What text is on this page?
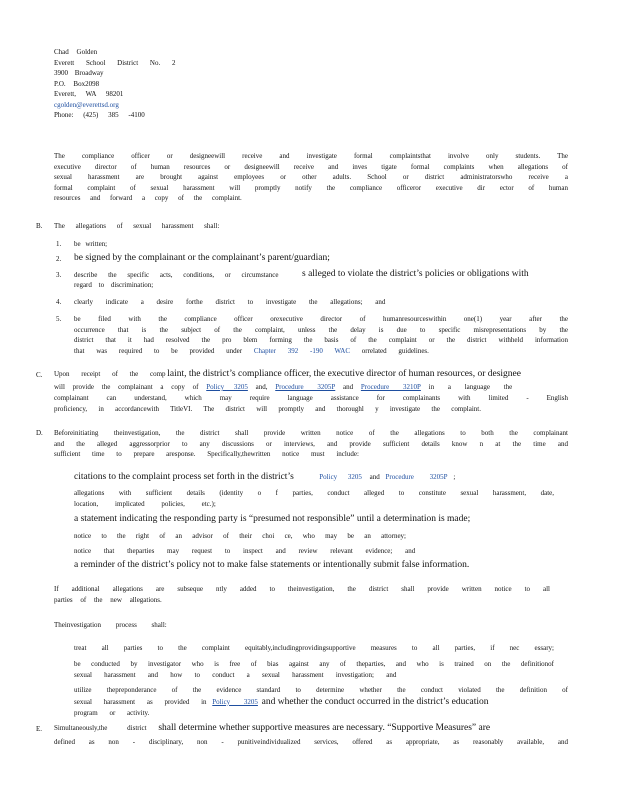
Chad Golden
Everett School District No. 2
3900 Broadway
P.O. Box2098
Everett, WA 98201
cgolden@everettsd.org
Phone: (425) 385 -4100
The compliance officer or designeewill receive and investigate formal complaintsthat involve only students. The
executive director of human resources or designeewill receive and inves tigate formal complaints when allegations of
sexual harassment are brought against employees or other adults. School or district administratorswho receive a
formal complaint of sexual harassment will promptly notify the compliance officeror executive dir ector of human
resources and forward a copy of the complaint.
B.	The allegations of sexual harassment shall:
1.	be written;
2.	be signed by the complainant or the complainant’s parent/guardian;
3.	describe the specific acts, conditions, or circumstance s alleged to violate the district’s policies or obligations with
regard to discrimination;
4.	clearly indicate a desire forthe district to investigate the allegations; and
5.	be filed with the compliance officer orexecutive director of humanresourceswithin one(1) year after the
occurrence that is the subject of the complaint, unless the delay is due to specific misrepresentations by the
district that it had resolved the pro blem forming the basis of the complaint or the district withheld information
that was required to be provided under Chapter 392 -190 WAC orrelated guidelines.
C.	Upon receipt of the comp laint, the district’s compliance officer, the executive director of human resources, or designee
will provide the complainant a copy of Policy 3205 and, Procedure 3205P and Procedure 3210P in a language the
complainant can understand, which may require language assistance for complainants with limited - English
proficiency, in accordancewith TitleVI. The district will promptly and thoroughl y investigate the complaint.
D.	Beforeinitiating theinvestigation, the district shall provide written notice of the allegations to both the complainant
and the alleged aggressorprior to any discussions or interviews, and provide sufficient details know n at the time and
sufficient time to prepare aresponse. Specifically,thewritten notice must include:
citations to the complaint process set forth in the district’s	Policy 3205 and Procedure 3205P ;
allegations with sufficient details (identity o f parties, conduct alleged to constitute sexual harassment, date,
location, implicated policies, etc.);
a statement indicating the responding party is “presumed not responsible” until a determination is made;
notice to the right of an advisor of their choi ce, who may be an attorney;
notice that theparties may request to inspect and review relevant evidence; and
a reminder of the district’s policy not to make false statements or intentionally submit false information.
If additional allegations are subseque ntly added to theinvestigation, the district shall provide written notice to all
parties of the new allegations.
Theinvestigation process shall:
treat all parties to the complaint equitably,includingprovidingsupportive measures to all parties, if nec essary;
be conducted by investigator who is free of bias against any of theparties, and who is trained on the definitionof
sexual harassment and how to conduct a sexual harassment investigation; and
utilize thepreponderance of the evidence standard to determine whether the conduct violated the definition of
sexual harassment as provided in Policy 3205 and whether the conduct occurred in the district’s education
program or activity.
E.	Simultaneously,the district shall determine whether supportive measures are necessary. “Supportive Measures” are
defined as non - disciplinary, non - punitiveindividualized services, offered as appropriate, as reasonably available, and
